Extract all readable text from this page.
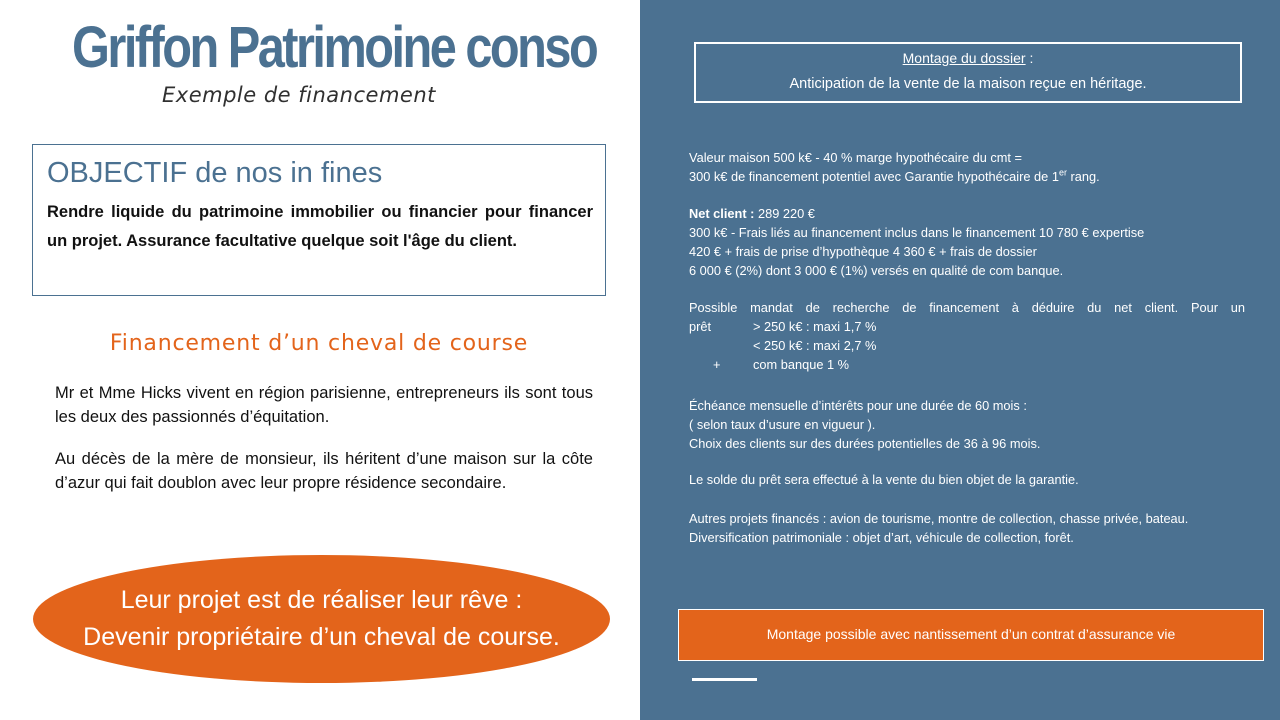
Griffon Patrimoine conso
Exemple de financement
OBJECTIF de nos in fines
Rendre liquide du patrimoine immobilier ou financier pour financer un projet. Assurance facultative quelque soit l'âge du client.
Financement d’un cheval de course
Mr et Mme Hicks vivent en région parisienne, entrepreneurs ils sont tous les deux des passionnés d’équitation.
Au décès de la mère de monsieur, ils héritent d’une maison sur la côte d’azur qui fait doublon avec leur propre résidence secondaire.
Leur projet est de réaliser leur rêve :
Devenir propriétaire d’un cheval de course.
Montage du dossier :
Anticipation de la vente de la maison reçue en héritage.

Valeur maison 500 k€ - 40 % marge hypothécaire du cmt =

300 k€ de financement potentiel avec Garantie hypothécaire de 1er rang.

Net client : 289 220 €

300 k€ - Frais liés au financement inclus dans le financement 10 780 € expertise

420 € + frais de prise d’hypothèque 4 360 € + frais de dossier

6 000 € (2%) dont 3 000 € (1%) versés en qualité de com banque.

Possible mandat de recherche de financement à déduire du net client. Pour un

prêt	> 250 k€ : maxi 1,7 %

< 250 k€ : maxi 2,7 %

+	com banque 1 %

Échéance mensuelle d’intérêts pour une durée de 60 mois :

( selon taux d’usure en vigueur ).

Choix des clients sur des durées potentielles de 36 à 96 mois.

Le solde du prêt sera effectué à la vente du bien objet de la garantie.

Autres projets financés : avion de tourisme, montre de collection, chasse privée, bateau.

Diversification patrimoniale : objet d’art, véhicule de collection, forêt.

Montage possible avec nantissement d’un contrat d’assurance vie
